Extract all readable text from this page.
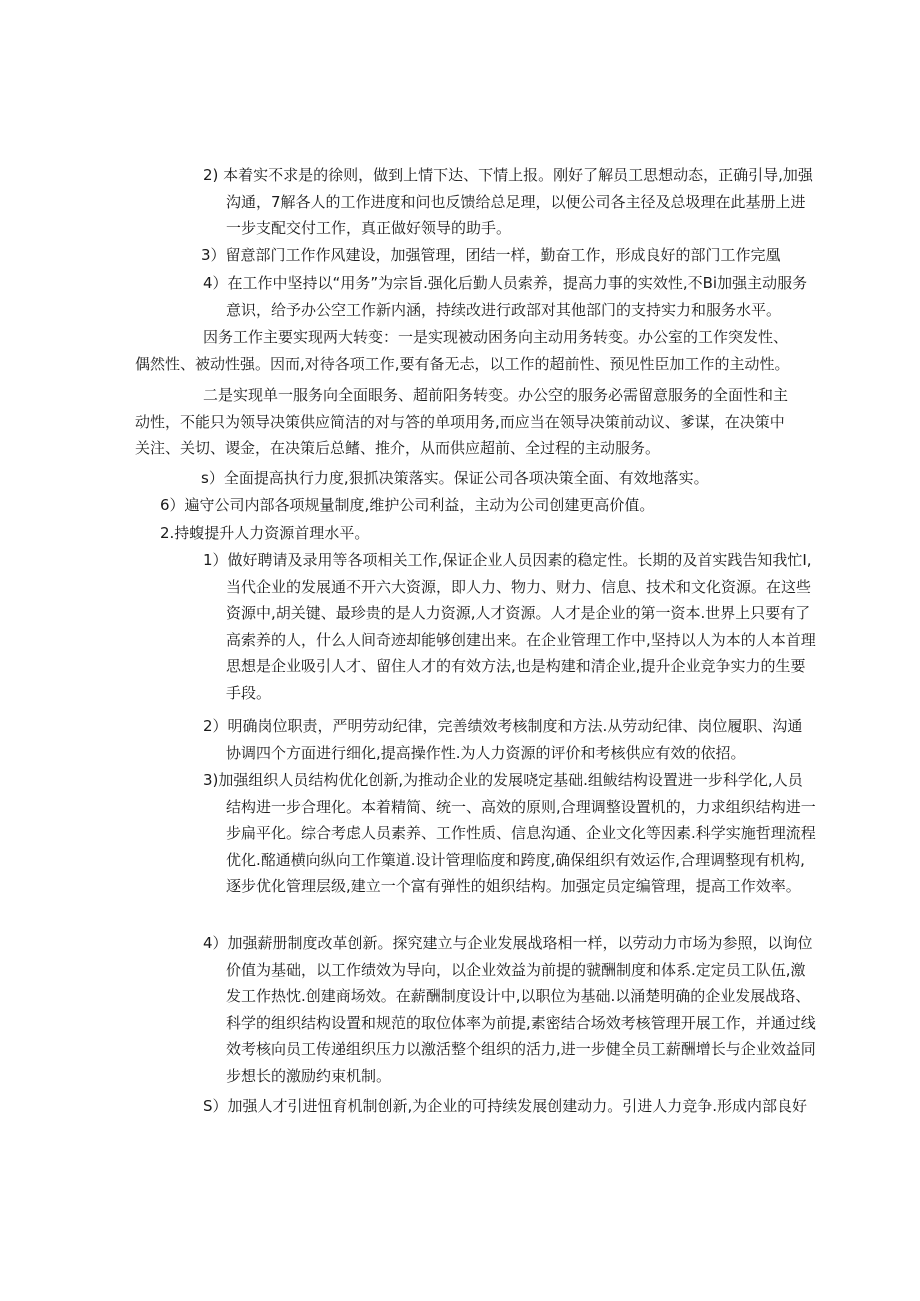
2) 本着实不求是的徐则，做到上情下达、下情上报。刚好了解员工思想动态，正确引导,加强沟通，7解各人的工作进度和问也反馈给总足理，以便公司各主径及总圾理在此基册上进一步支配交付工作，真正做好领导的助手。
3）留意部门工作作风建设，加强管理，团结一样，勤奋工作，形成良好的部门工作完凰
4）在工作中坚持以“用务”为宗旨.强化后勤人员索养，提高力事的实效性,不Bi加强主动服务意识，给予办公空工作新内涵，持续改进行政部对其他部门的支持实力和服务水平。
因务工作主要实现两大转变：一是实现被动困务向主动用务转变。办公室的工作突发性、偶然性、被动性强。因而,对待各项工作,要有备无忐，以工作的超前性、预见性臣加工作的主动性。
二是实现单一服务向全面眼务、超前阳务转变。办公空的服务必需留意服务的全面性和主动性，不能只为领导决策供应简洁的对与答的单项用务,而应当在领导决策前动议、爹谋，在决策中关注、关切、谡金，在决策后总鳍、推介，从而供应超前、全过程的主动服务。
s）全面提高执行力度,狠抓决策落实。保证公司各项决策全面、有效地落实。
6）遍守公司内部各项规量制度,维护公司利益，主动为公司创建更高价值。
2.持蝮提升人力资源首理水平。
1）做好聘请及录用等各项相关工作,保证企业人员因素的稳定性。长期的及首实践告知我忙I,当代企业的发展通不开六大资源，即人力、物力、财力、信息、技术和文化资源。在这些资源中,胡关键、最珍贵的是人力资源,人才资源。人才是企业的第一资本.世界上只要有了高索养的人，什么人间奇迹却能够创建出来。在企业管理工作中,坚持以人为本的人本首理思想是企业吸引人才、留住人才的有效方法,也是构建和清企业,提升企业竞争实力的生要手段。
2）明确岗位职责，严明劳动纪律，完善绩效考核制度和方法.从劳动纪律、岗位履职、沟通协调四个方面进行细化,提高操作性.为人力资源的评价和考核供应有效的依招。
3)加强组织人员结构优化创新,为推动企业的发展哓定基础.组鲅结构设置进一步科学化,人员结构进一步合理化。本着精简、统一、高效的原则,合理调整设置机的，力求组织结构进一步扁平化。综合考虑人员素养、工作性质、信息沟通、企业文化等因素.科学实施哲理流程优化.酩通横向纵向工作篥道.设计管理临度和跨度,确保组织有效运作,合理调整现有机构,逐步优化管理层级,建立一个富有弹性的姐织结构。加强定员定编管理，提高工作效率。
4）加强薪册制度改革创新。探究建立与企业发展战珞相一样，以劳动力市场为参照，以询位价值为基础，以工作绩效为导向，以企业效益为前提的虢酬制度和体系.定定员工队伍,激发工作热忱.创建商场效。在薪酬制度设计中,以职位为基础.以涌楚明确的企业发展战珞、科学的组织结构设置和规范的取位体率为前提,素密结合场效考核管理开展工作，并通过线效考核向员工传递组织压力以激活整个组织的活力,进一步健全员工薪酬增长与企业效益同步想长的激励约束机制。
S）加强人才引进忸育机制创新,为企业的可持续发展创建动力。引进人力竞争.形成内部良好
